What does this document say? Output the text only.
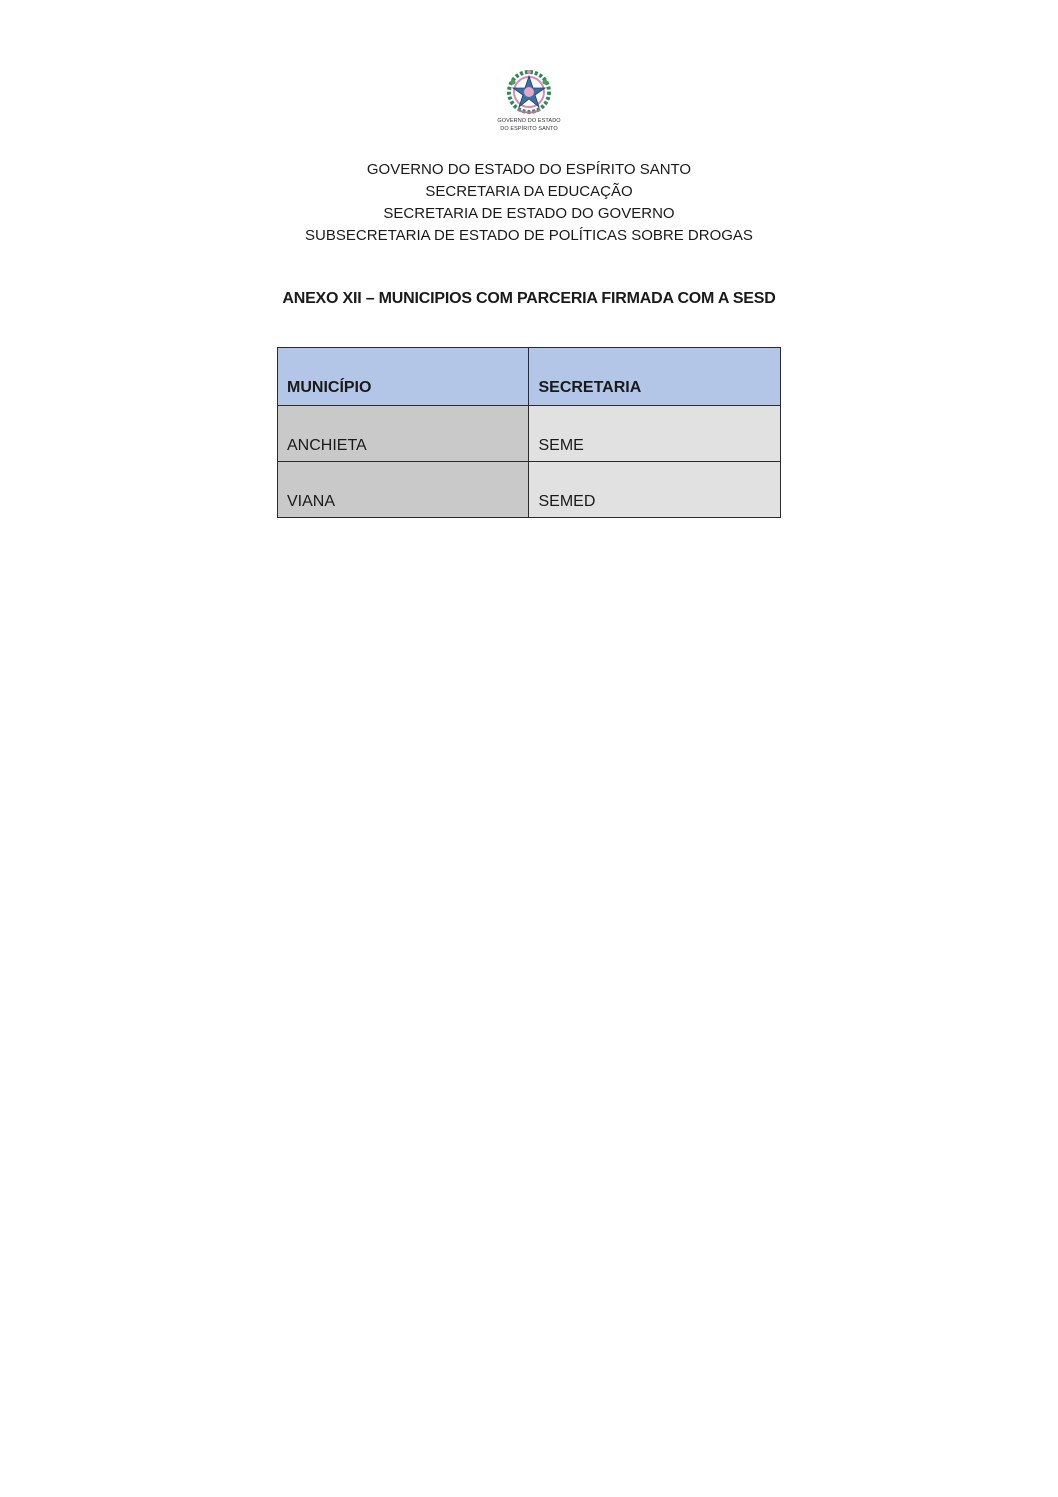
GOVERNO DO ESTADO
DO ESPÍRITO SANTO
GOVERNO DO ESTADO DO ESPÍRITO SANTO
SECRETARIA DA EDUCAÇÃO
SECRETARIA DE ESTADO DO GOVERNO
SUBSECRETARIA DE ESTADO DE POLÍTICAS SOBRE DROGAS
ANEXO XII – MUNICIPIOS COM PARCERIA FIRMADA COM A SESD
MUNICÍPIO	SECRETARIA
ANCHIETA	SEME
VIANA	SEMED
